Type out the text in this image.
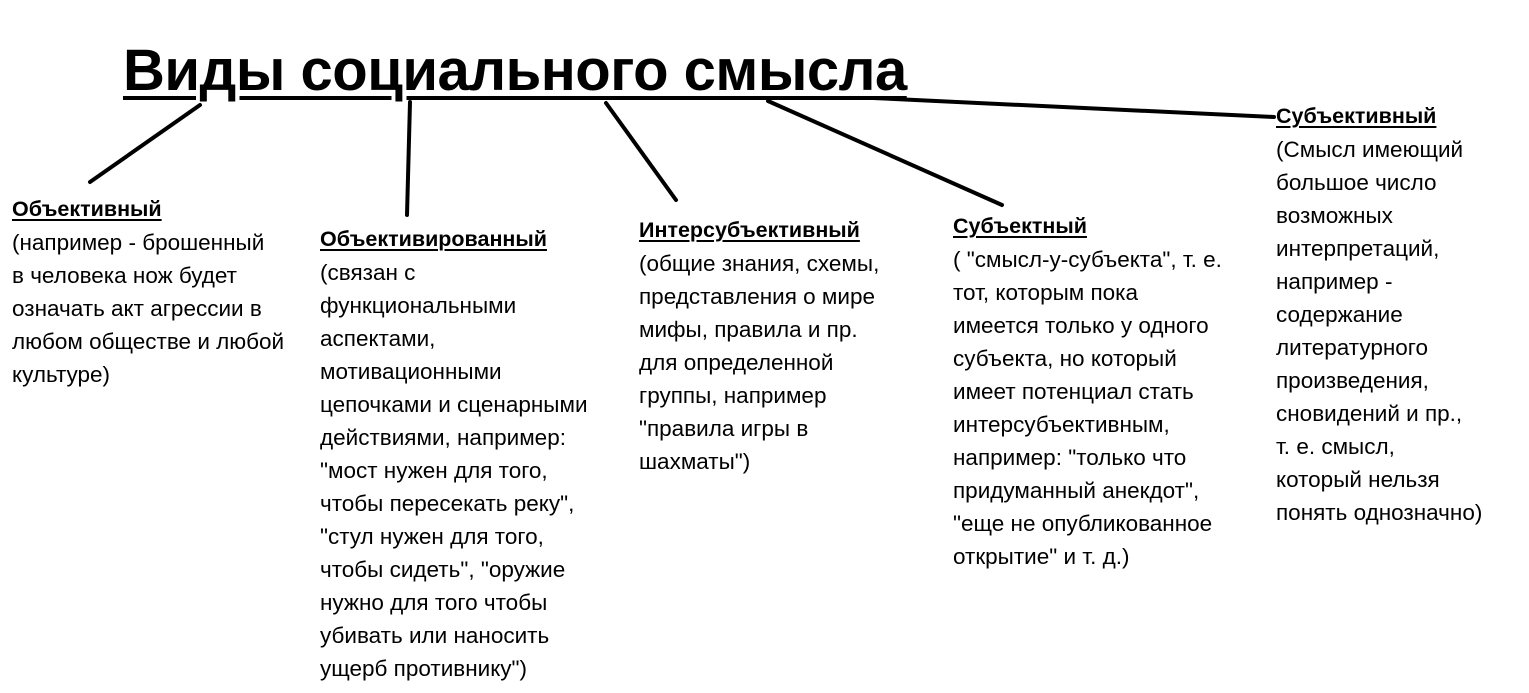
Виды социального смысла
Объективный
(например - брошенный
в человека нож будет
означать акт агрессии в
любом обществе и любой
культуре)
Объективированный
(связан с
функциональными
аспектами,
мотивационными
цепочками и сценарными
действиями, например:
"мост нужен для того,
чтобы пересекать реку",
"стул нужен для того,
чтобы сидеть", "оружие
нужно для того чтобы
убивать или наносить
ущерб противнику")
Интерсубъективный
(общие знания, схемы,
представления о мире
мифы, правила и пр.
для определенной
группы, например
"правила игры в
шахматы")
Субъектный
( "смысл-у-субъекта", т. е.
тот, которым пока
имеется только у одного
субъекта, но который
имеет потенциал стать
интерсубъективным,
например: "только что
придуманный анекдот",
"еще не опубликованное
открытие" и т. д.)
Субъективный
(Смысл имеющий
большое число
возможных
интерпретаций,
например -
содержание
литературного
произведения,
сновидений и пр.,
т. е. смысл,
который нельзя
понять однозначно)
